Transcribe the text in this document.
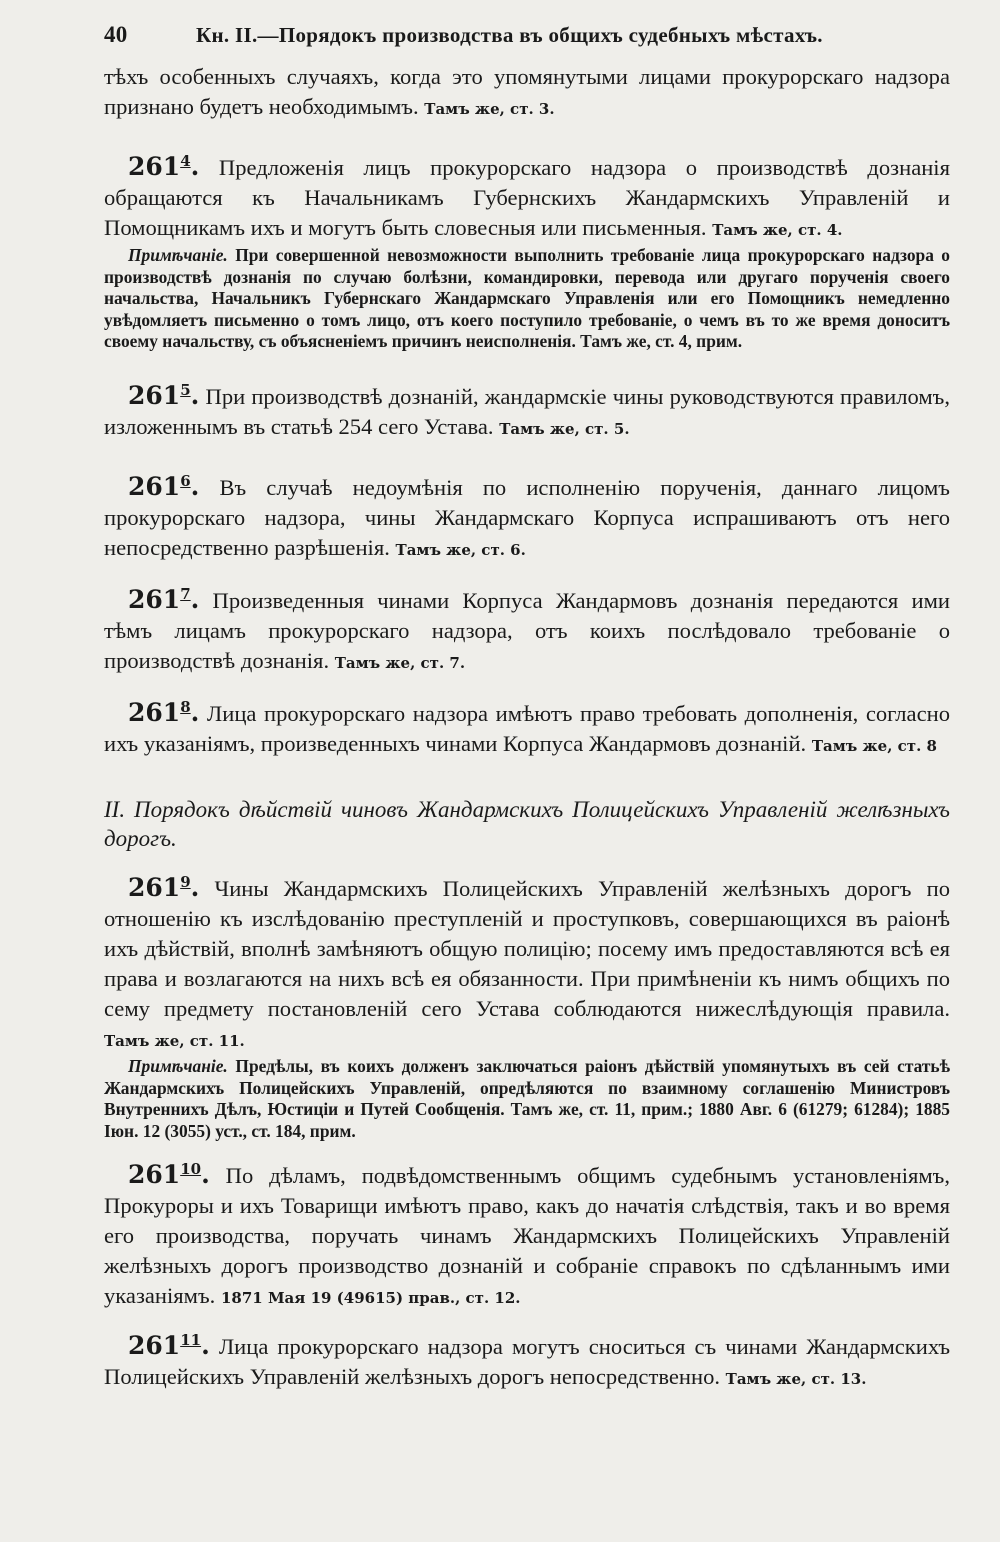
40	Кн. II.—Порядокъ производства въ общихъ судебныхъ мѣстахъ.

тѣхъ особенныхъ случаяхъ, когда это упомянутыми лицами прокурорскаго надзора признано будетъ необходимымъ. Тамъ же, ст. 3.

$261^4$. Предложенія лицъ прокурорскаго надзора о производствѣ дознанія обращаются къ Начальникамъ Губернскихъ Жандармскихъ Управленій и Помощникамъ ихъ и могутъ быть словесныя или письменныя. Тамъ же, ст. 4.

Примѣчаніе. При совершенной невозможности выполнить требованіе лица прокурорскаго надзора о производствѣ дознанія по случаю болѣзни, командировки, перевода или другаго порученія своего начальства, Начальникъ Губернскаго Жандармскаго Управленія или его Помощникъ немедленно увѣдомляетъ письменно о томъ лицо, отъ коего поступило требованіе, о чемъ въ то же время доноситъ своему начальству, съ объясненіемъ причинъ неисполненія. Тамъ же, ст. 4, прим.

$261^5$. При производствѣ дознаній, жандармскіе чины руководствуются правиломъ, изложеннымъ въ статьѣ 254 сего Устава. Тамъ же, ст. 5.

$261^6$. Въ случаѣ недоумѣнія по исполненію порученія, даннаго лицомъ прокурорскаго надзора, чины Жандармскаго Корпуса испрашиваютъ отъ него непосредственно разрѣшенія. Тамъ же, ст. 6.

$261^7$. Произведенныя чинами Корпуса Жандармовъ дознанія передаются ими тѣмъ лицамъ прокурорскаго надзора, отъ коихъ послѣдовало требованіе о производствѣ дознанія. Тамъ же, ст. 7.

$261^8$. Лица прокурорскаго надзора имѣютъ право требовать дополненія, согласно ихъ указаніямъ, произведенныхъ чинами Корпуса Жандармовъ дознаній. Тамъ же, ст. 8

II. Порядокъ дѣйствій чиновъ Жандармскихъ Полицейскихъ Управленій желѣзныхъ дорогъ.

$261^9$. Чины Жандармскихъ Полицейскихъ Управленій желѣзныхъ дорогъ по отношенію къ изслѣдованію преступленій и проступковъ, совершающихся въ раіонѣ ихъ дѣйствій, вполнѣ замѣняютъ общую полицію; посему имъ предоставляются всѣ ея права и возлагаются на нихъ всѣ ея обязанности. При примѣненіи къ нимъ общихъ по сему предмету постановленій сего Устава соблюдаются нижеслѣдующія правила. Тамъ же, ст. 11.

Примѣчаніе. Предѣлы, въ коихъ долженъ заключаться раіонъ дѣйствій упомянутыхъ въ сей статьѣ Жандармскихъ Полицейскихъ Управленій, опредѣляются по взаимному соглашенію Министровъ Внутреннихъ Дѣлъ, Юстиціи и Путей Сообщенія. Тамъ же, ст. 11, прим.; 1880 Авг. 6 (61279; 61284); 1885 Іюн. 12 (3055) уст., ст. 184, прим.

$261^{10}$. По дѣламъ, подвѣдомственнымъ общимъ судебнымъ установленіямъ, Прокуроры и ихъ Товарищи имѣютъ право, какъ до начатія слѣдствія, такъ и во время его производства, поручать чинамъ Жандармскихъ Полицейскихъ Управленій желѣзныхъ дорогъ производство дознаній и собраніе справокъ по сдѣланнымъ ими указаніямъ. 1871 Мая 19 (49615) прав., ст. 12.

$261^{11}$. Лица прокурорскаго надзора могутъ сноситься съ чинами Жандармскихъ Полицейскихъ Управленій желѣзныхъ дорогъ непосредственно. Тамъ же, ст. 13.
